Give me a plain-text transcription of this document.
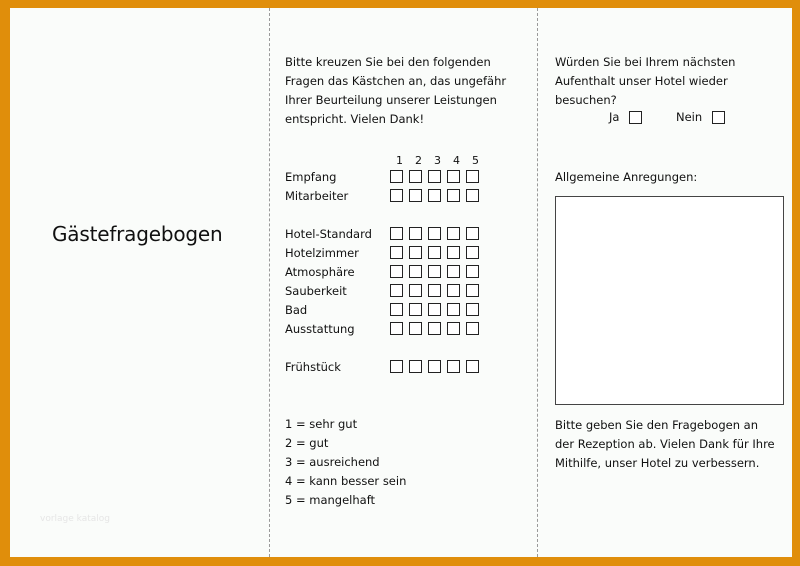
Gästefragebogen
vorlage katalog
Bitte kreuzen Sie bei den folgenden
Fragen das Kästchen an, das ungefähr
Ihrer Beurteilung unserer Leistungen
entspricht. Vielen Dank!
1	2	3	4	5
Empfang
Mitarbeiter
Hotel-Standard
Hotelzimmer
Atmosphäre
Sauberkeit
Bad
Ausstattung
Frühstück
1 = sehr gut
2 = gut
3 = ausreichend
4 = kann besser sein
5 = mangelhaft
Würden Sie bei Ihrem nächsten
Aufenthalt unser Hotel wieder besuchen?
Ja	Nein
Allgemeine Anregungen:
Bitte geben Sie den Fragebogen an
der Rezeption ab. Vielen Dank für Ihre
Mithilfe, unser Hotel zu verbessern.
